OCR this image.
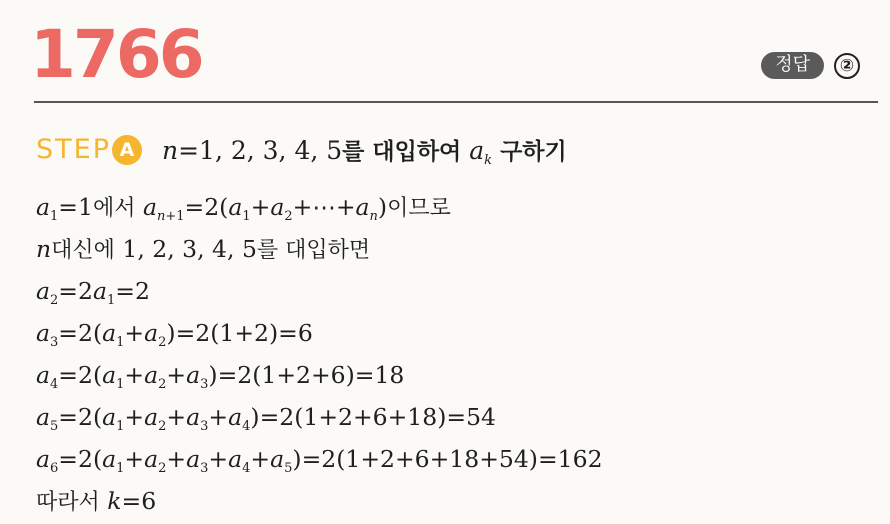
1766	정답	②
STEP A	n=1, 2, 3, 4, 5를 대입하여 $a_k$ 구하기
$a_1=1$에서 $a_{n+1}=2(a_1+a_2+\cdots+a_n)$이므로
n대신에 1, 2, 3, 4, 5를 대입하면
$a_2=2a_1=2$
$a_3=2(a_1+a_2)=2(1+2)=6$
$a_4=2(a_1+a_2+a_3)=2(1+2+6)=18$
$a_5=2(a_1+a_2+a_3+a_4)=2(1+2+6+18)=54$
$a_6=2(a_1+a_2+a_3+a_4+a_5)=2(1+2+6+18+54)=162$
따라서 k=6
